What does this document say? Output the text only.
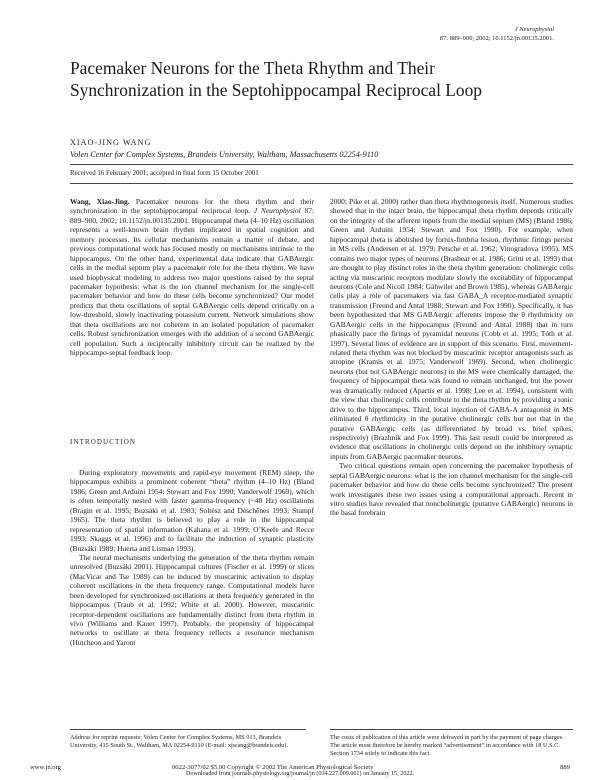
J Neurophysiol
87: 889–900, 2002; 10.1152/jn.00135.2001.
Pacemaker Neurons for the Theta Rhythm and Their Synchronization in the Septohippocampal Reciprocal Loop
XIAO-JING WANG
Volen Center for Complex Systems, Brandeis University, Waltham, Massachusetts 02254-9110
Received 16 February 2001; accepted in final form 15 October 2001

Wang, Xiao-Jing. Pacemaker neurons for the theta rhythm and their synchronization in the septohippocampal reciprocal loop. J Neurophysiol 87: 889–900, 2002; 10.1152/jn.00135.2001. Hippocampal theta (4–10 Hz) oscillation represents a well-known brain rhythm implicated in spatial cognition and memory processes. Its cellular mechanisms remain a matter of debate, and previous computational work has focused mostly on mechanisms intrinsic to the hippocampus. On the other hand, experimental data indicate that GABAergic cells in the medial septum play a pacemaker role for the theta rhythm. We have used biophysical modeling to address two major questions raised by the septal pacemaker hypothesis: what is the ion channel mechanism for the single-cell pacemaker behavior and how do these cells become synchronized? Our model predicts that theta oscillations of septal GABAergic cells depend critically on a low-threshold, slowly inactivating potassium current. Network simulations show that theta oscillations are not coherent in an isolated population of pacemaker cells. Robust synchronization emerges with the addition of a second GABAergic cell population. Such a reciprocally inhibitory circuit can be realized by the hippocampo-septal feedback loop.

INTRODUCTION

During exploratory movements and rapid-eye movement (REM) sleep, the hippocampus exhibits a prominent coherent “theta” rhythm (4–10 Hz) (Bland 1986; Green and Arduini 1954; Stewart and Fox 1990; Vanderwolf 1969), which is often temporally nested with faster gamma-frequency (~40 Hz) oscillations (Bragin et al. 1995; Buzsáki et al. 1983; Soltész and Deschênes 1993; Stumpf 1965). The theta rhythm is believed to play a role in the hippocampal representation of spatial information (Kahana et al. 1999; O’Keefe and Recce 1993; Skaggs et al. 1996) and to facilitate the induction of synaptic plasticity (Buzsáki 1989; Huerta and Lisman 1993).

The neural mechanisms underlying the generation of the theta rhythm remain unresolved (Buzsáki 2001). Hippocampal cultures (Fischer et al. 1999) or slices (MacVicar and Tse 1989) can be induced by muscarinic activation to display coherent oscillations in the theta frequency range. Computational models have been developed for synchronized oscillations at theta frequency generated in the hippocampus (Traub et al. 1992; White et al. 2000). However, muscarinic receptor-dependent oscillations are fundamentally distinct from theta rhythm in vivo (Williams and Kauer 1997). Probably, the propensity of hippocampal networks to oscillate at theta frequency reflects a resonance mechanism (Hutcheon and Yarom

2000; Pike et al. 2000) rather than theta rhythmogenesis itself. Numerous studies showed that in the intact brain, the hippocampal theta rhythm depends critically on the integrity of the afferent inputs from the medial septum (MS) (Bland 1986; Green and Arduini 1954; Stewart and Fox 1990). For example, when hippocampal theta is abolished by fornix-fimbria lesion, rhythmic firings persist in MS cells (Andersen et al. 1979; Petsche et al. 1962; Vinogradova 1995). MS contains two major types of neurons (Brashear et al. 1986; Gritti et al. 1993) that are thought to play distinct roles in the theta rhythm generation: cholinergic cells acting via muscarinic receptors modulate slowly the excitability of hippocampal neurons (Cole and Nicoll 1984; Gähwiler and Brown 1985), whereas GABAergic cells play a role of pacemakers via fast GABA_A receptor-mediated synaptic transmission (Freund and Antal 1988; Stewart and Fox 1990). Specifically, it has been hypothesized that MS GABAergic afferents impose the θ rhythmicity on GABAergic cells in the hippocampus (Freund and Antal 1988) that in turn phasically pace the firings of pyramidal neurons (Cobb et al. 1995; Tóth et al. 1997). Several lines of evidence are in support of this scenario. First, movement-related theta rhythm was not blocked by muscarinic receptor antagonists such as atropine (Kramis et al. 1975; Vanderwolf 1969). Second, when cholinergic neurons (but not GABAergic neurons) in the MS were chemically damaged, the frequency of hippocampal theta was found to remain unchanged, but the power was dramatically reduced (Apartis et al. 1998; Lee et al. 1994), consistent with the view that cholinergic cells contribute to the theta rhythm by providing a tonic drive to the hippocampus. Third, local injection of GABA-A antagonist in MS eliminated θ rhythmicity in the putative cholinergic cells but not that in the putative GABAergic cells (as differentiated by broad vs. brief spikes, respectively) (Brazhnik and Fox 1999). This last result could be interpreted as evidence that oscillations in cholinergic cells depend on the inhibitory synaptic inputs from GABAergic pacemaker neurons.

Two critical questions remain open concerning the pacemaker hypothesis of septal GABAergic neurons: what is the ion channel mechanism for the single-cell pacemaker behavior and how do these cells become synchronized? The present work investigates these two issues using a computational approach. Recent in vitro studies have revealed that noncholinergic (putative GABAergic) neurons in the basal forebrain

Address for reprint requests: Volen Center for Complex Systems, MS 013, Brandeis University, 415 South St., Waltham, MA 02254-9110 (E-mail: xjwang@brandeis.edu).
The costs of publication of this article were defrayed in part by the payment of page charges. The article must therefore be hereby marked “advertisement” in accordance with 18 U.S.C. Section 1734 solely to indicate this fact.
www.jn.org	0022-3077/02 $5.00 Copyright © 2002 The American Physiological Society	889
Downloaded from journals.physiology.org/journal/jn (034.227.009.061) on January 15, 2022.
